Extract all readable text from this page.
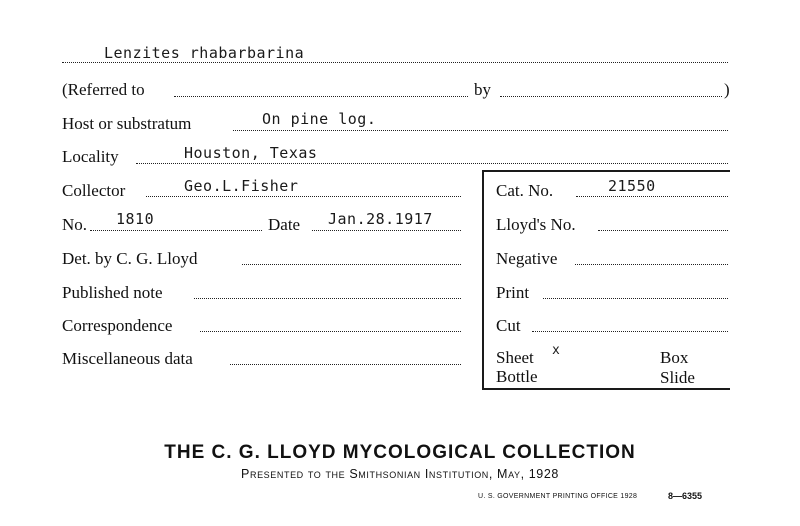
Lenzites rhabarbarina
(Referred to	by	)
Host or substratum	On pine log.
Locality	Houston, Texas
Collector	Geo.L.Fisher	Cat. No.	21550
No. 1810	Date Jan.28.1917	Lloyd's No.
Det. by C. G. Lloyd	Negative
Published note	Print
Correspondence	Cut
Miscellaneous data	Sheet x	Box
Bottle	Slide
THE C. G. LLOYD MYCOLOGICAL COLLECTION
Presented to the Smithsonian Institution, May, 1928
U. S. GOVERNMENT PRINTING OFFICE 1928	8—6355
